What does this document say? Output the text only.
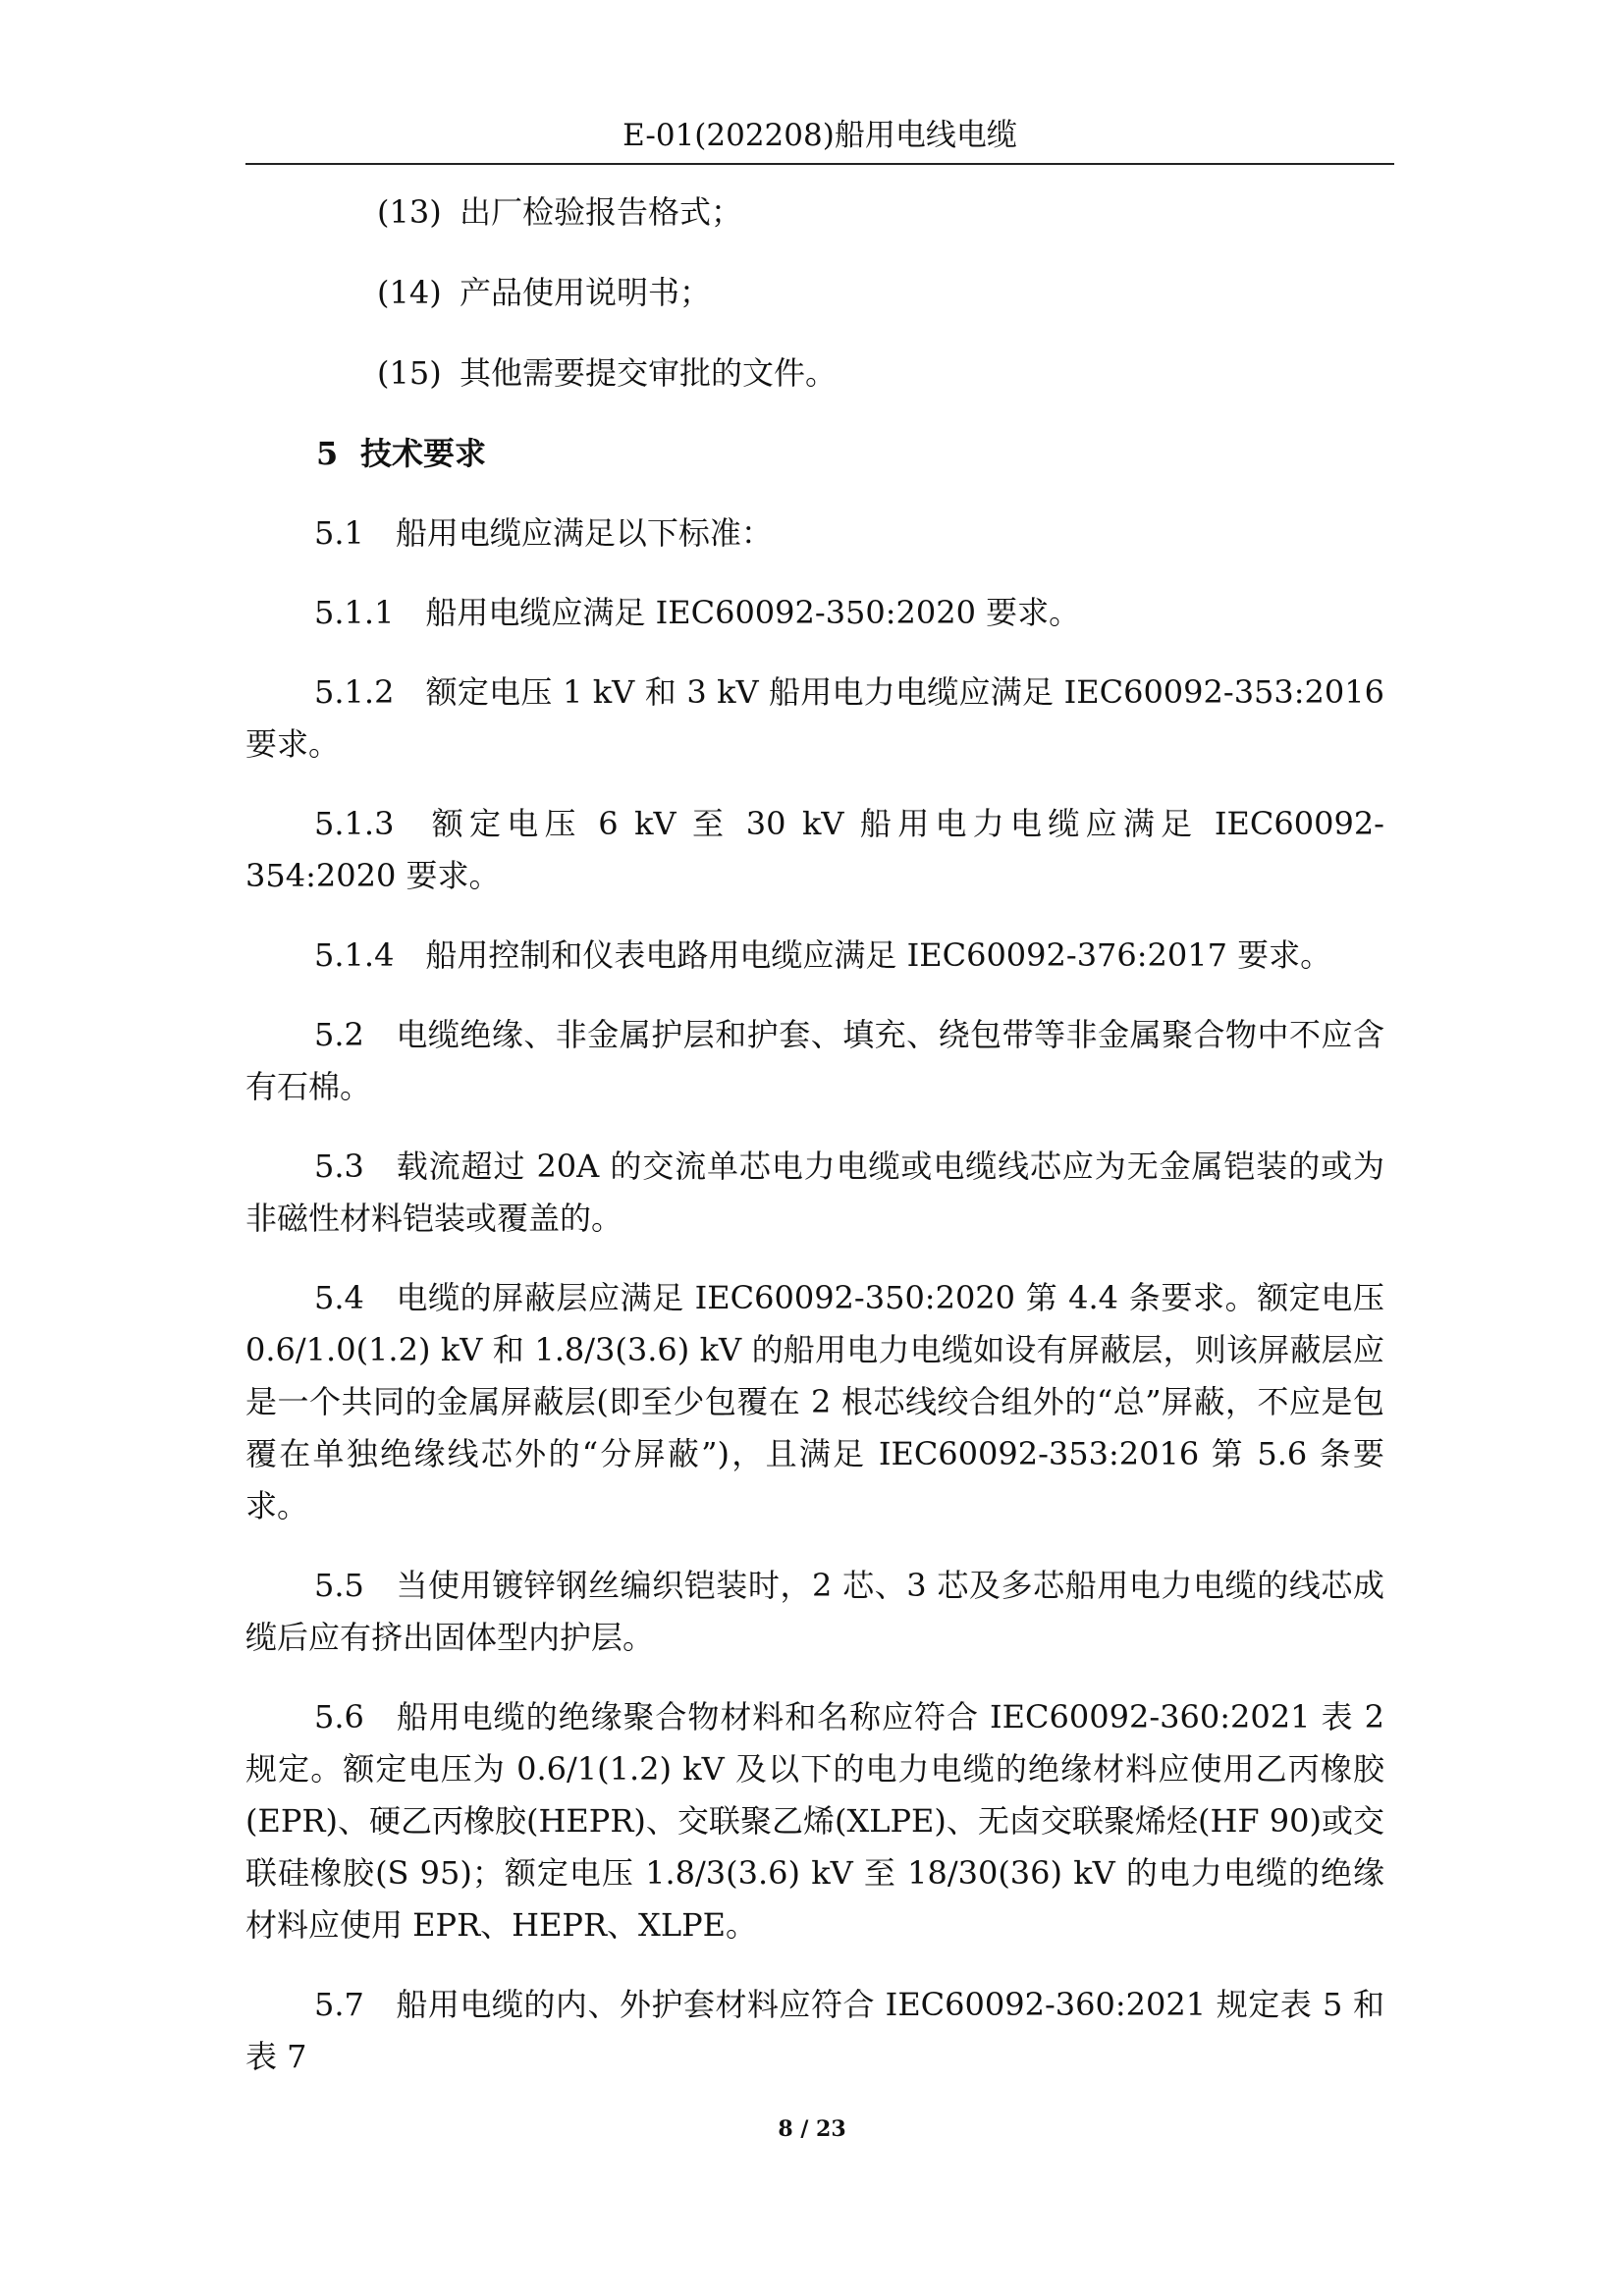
E-01(202208)船用电线电缆

(13) 出厂检验报告格式；

(14) 产品使用说明书；

(15) 其他需要提交审批的文件。

5 技术要求

5.1 船用电缆应满足以下标准：

5.1.1 船用电缆应满足 IEC60092-350:2020 要求。

5.1.2 额定电压 1 kV 和 3 kV 船用电力电缆应满足 IEC60092-353:2016 要求。

5.1.3 额定电压 6 kV 至 30 kV 船用电力电缆应满足 IEC60092-354:2020 要求。

5.1.4 船用控制和仪表电路用电缆应满足 IEC60092-376:2017 要求。

5.2 电缆绝缘、非金属护层和护套、填充、绕包带等非金属聚合物中不应含有石棉。

5.3 载流超过 20A 的交流单芯电力电缆或电缆线芯应为无金属铠装的或为非磁性材料铠装或覆盖的。

5.4 电缆的屏蔽层应满足 IEC60092-350:2020 第 4.4 条要求。额定电压 0.6/1.0(1.2) kV 和 1.8/3(3.6) kV 的船用电力电缆如设有屏蔽层，则该屏蔽层应是一个共同的金属屏蔽层(即至少包覆在 2 根芯线绞合组外的“总”屏蔽，不应是包覆在单独绝缘线芯外的“分屏蔽”)，且满足 IEC60092-353:2016 第 5.6 条要求。

5.5 当使用镀锌钢丝编织铠装时，2 芯、3 芯及多芯船用电力电缆的线芯成缆后应有挤出固体型内护层。

5.6 船用电缆的绝缘聚合物材料和名称应符合 IEC60092-360:2021 表 2 规定。额定电压为 0.6/1(1.2) kV 及以下的电力电缆的绝缘材料应使用乙丙橡胶(EPR)、硬乙丙橡胶(HEPR)、交联聚乙烯(XLPE)、无卤交联聚烯烃(HF 90)或交联硅橡胶(S 95)；额定电压 1.8/3(3.6) kV 至 18/30(36) kV 的电力电缆的绝缘材料应使用 EPR、HEPR、XLPE。

5.7 船用电缆的内、外护套材料应符合 IEC60092-360:2021 规定表 5 和表 7

8 / 23
